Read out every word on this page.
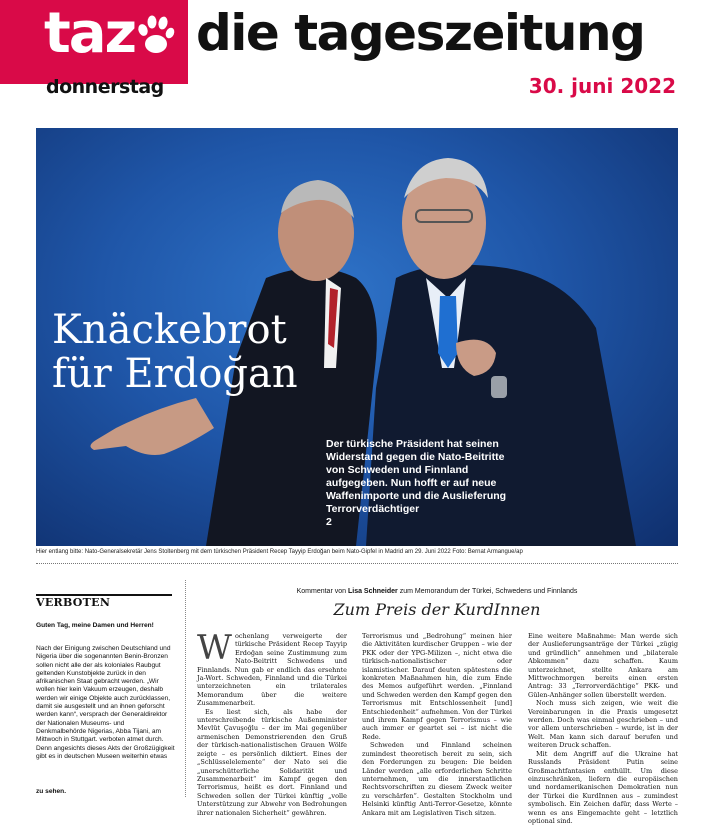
taz die tageszeitung
donnerstag	30. juni 2022
Knäckebrot
für Erdoğan
Der türkische Präsident hat seinen Widerstand gegen die Nato-Beitritte von Schweden und Finnland aufgegeben. Nun hofft er auf neue Waffenimporte und die Auslieferung Terrorverdächtiger
2
Hier entlang bitte: Nato-Generalsekretär Jens Stoltenberg mit dem türkischen Präsident Recep Tayyip Erdoğan beim Nato-Gipfel in Madrid am 29. Juni 2022 Foto: Bernat Armangue/ap
VERBOTEN
Guten Tag, meine Damen und Herren!
Nach der Einigung zwischen Deutschland und Nigeria über die sogenannten Benin-Bronzen sollen nicht alle der als koloniales Raubgut geltenden Kunstobjekte zurück in den afrikanischen Staat gebracht werden. „Wir wollen hier kein Vakuum erzeugen, deshalb werden wir einige Objekte auch zurücklassen, damit sie ausgestellt und an ihnen geforscht werden kann“, versprach der Generaldirektor der Nationalen Museums- und Denkmalbehörde Nigerias, Abba Tijani, am Mittwoch in Stuttgart. verboten atmet durch. Denn angesichts dieses Akts der Großzügigkeit gibt es in deutschen Museen weiterhin etwas
zu sehen.
Kommentar von Lisa Schneider zum Memorandum der Türkei, Schwedens und Finnlands
Zum Preis der KurdInnen

Wochenlang verweigerte der türkische Präsident Recep Tayyip Erdoğan seine Zustimmung zum Nato-Beitritt Schwedens und Finnlands. Nun gab er endlich das ersehnte Ja-Wort. Schweden, Finnland und die Türkei unterzeichneten ein trilaterales Memorandum über die weitere Zusammenarbeit.

Es liest sich, als habe der unterschreibende türkische Außenminister Mevlüt Çavuşoğlu – der im Mai gegenüber armenischen Demonstrierenden den Gruß der türkisch-nationalistischen Grauen Wölfe zeigte – es persönlich diktiert. Eines der „Schlüsselelemente“ der Nato sei die „unerschütterliche Solidarität und Zusammenarbeit“ im Kampf gegen den Terrorismus, heißt es dort. Finnland und Schweden sollen der Türkei künftig „volle Unterstützung zur Abwehr von Bedrohungen ihrer nationalen Sicherheit“ gewähren.

Terrorismus und „Bedrohung“ meinen hier die Aktivitäten kurdischer Gruppen – wie der PKK oder der YPG-Milizen –, nicht etwa die türkisch-nationalistischer oder islamistischer. Darauf deuten spätestens die konkreten Maßnahmen hin, die zum Ende des Memos aufgeführt werden. „Finnland und Schweden werden den Kampf gegen den Terrorismus mit Entschlossenheit [und] Entschiedenheit“ aufnehmen. Von der Türkei und ihrem Kampf gegen Terrorismus – wie auch immer er geartet sei – ist nicht die Rede.

Schweden und Finnland scheinen zumindest theoretisch bereit zu sein, sich den Forderungen zu beugen: Die beiden Länder werden „alle erforderlichen Schritte unternehmen, um die innerstaatlichen Rechtsvorschriften zu diesem Zweck weiter zu verschärfen“. Gestalten Stockholm und Helsinki künftig Anti-Terror-Gesetze, könnte Ankara mit am Legislativen Tisch sitzen.

Eine weitere Maßnahme: Man werde sich der Auslieferungsanträge der Türkei „zügig und gründlich“ annehmen und „bilaterale Abkommen“ dazu schaffen. Kaum unterzeichnet, stellte Ankara am Mittwochmorgen bereits einen ersten Antrag: 33 „Terrorverdächtige“ PKK- und Gülen-Anhänger sollen überstellt werden.

Noch muss sich zeigen, wie weit die Vereinbarungen in die Praxis umgesetzt werden. Doch was einmal geschrieben – und vor allem unterschrieben – wurde, ist in der Welt. Man kann sich darauf berufen und weiteren Druck schaffen.

Mit dem Angriff auf die Ukraine hat Russlands Präsident Putin seine Großmachtfantasien enthüllt. Um diese einzuschränken, liefern die europäischen und nordamerikanischen Demokratien nun der Türkei die KurdInnen aus – zumindest symbolisch. Ein Zeichen dafür, dass Werte – wenn es ans Eingemachte geht – letztlich optional sind.
